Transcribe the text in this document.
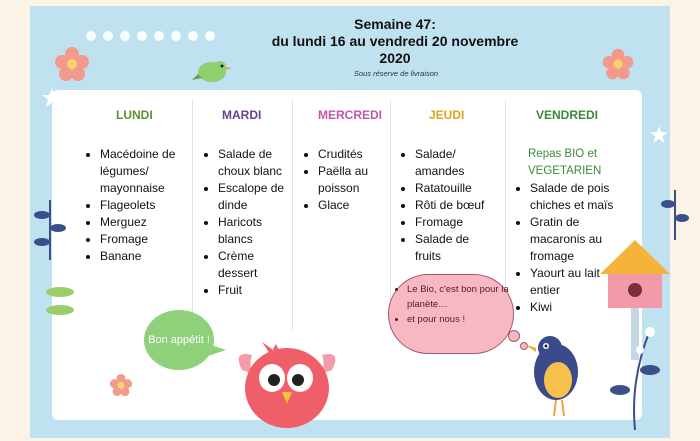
Semaine 47:
du lundi 16 au vendredi 20 novembre
2020
Sous réserve de livraison
LUNDI
• Macédoine de légumes/ mayonnaise
• Flageolets
• Merguez
• Fromage
• Banane
MARDI
• Salade de choux blanc
• Escalope de dinde
• Haricots blancs
• Crème dessert
• Fruit
MERCREDI
• Crudités
• Paëlla au poisson
• Glace
JEUDI
• Salade/ amandes
• Ratatouille
• Rôti de bœuf
• Fromage
• Salade de fruits
VENDREDI
• Salade de pois chiches et maïs
• Gratin de macaronis au fromage
• Yaourt au lait entier
• Kiwi
Repas BIO et VEGETARIEN
Bon appétit !
• Le Bio, c'est bon pour la planète…
• et pour nous !
